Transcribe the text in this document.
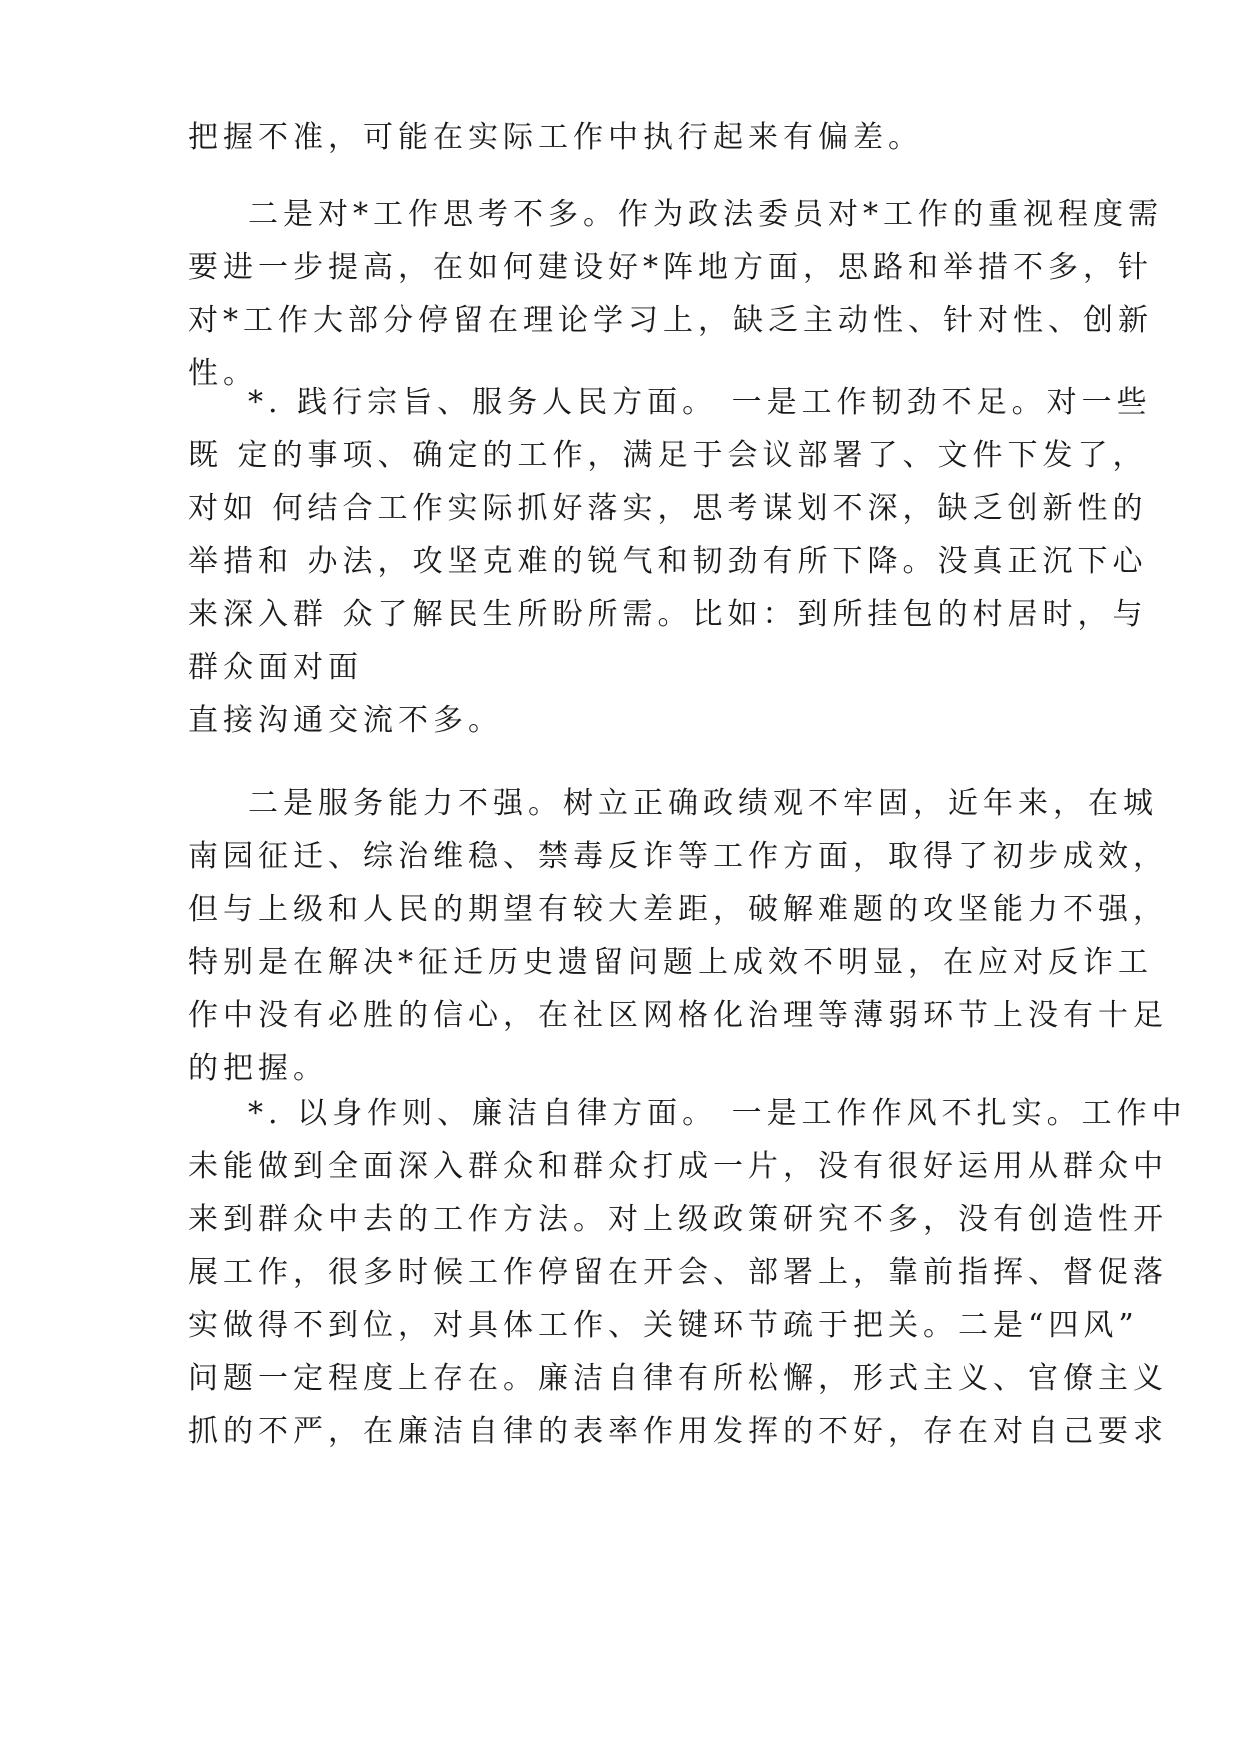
把握不准，可能在实际工作中执行起来有偏差。
二是对*工作思考不多。作为政法委员对*工作的重视程度需
要进一步提高，在如何建设好*阵地方面，思路和举措不多，针
对*工作大部分停留在理论学习上，缺乏主动性、针对性、创新
性。
*. 践行宗旨、服务人民方面。 一是工作韧劲不足。对一些
既 定的事项、确定的工作，满足于会议部署了、文件下发了，
对如 何结合工作实际抓好落实，思考谋划不深，缺乏创新性的
举措和 办法，攻坚克难的锐气和韧劲有所下降。没真正沉下心
来深入群 众了解民生所盼所需。比如：到所挂包的村居时，与
群众面对面
直接沟通交流不多。
二是服务能力不强。树立正确政绩观不牢固，近年来，在城
南园征迁、综治维稳、禁毒反诈等工作方面，取得了初步成效，
但与上级和人民的期望有较大差距，破解难题的攻坚能力不强，
特别是在解决*征迁历史遗留问题上成效不明显，在应对反诈工
作中没有必胜的信心，在社区网格化治理等薄弱环节上没有十足
的把握。
*. 以身作则、廉洁自律方面。 一是工作作风不扎实。工作中
未能做到全面深入群众和群众打成一片，没有很好运用从群众中
来到群众中去的工作方法。对上级政策研究不多，没有创造性开
展工作，很多时候工作停留在开会、部署上，靠前指挥、督促落
实做得不到位，对具体工作、关键环节疏于把关。二是“四风”
问题一定程度上存在。廉洁自律有所松懈，形式主义、官僚主义
抓的不严，在廉洁自律的表率作用发挥的不好，存在对自己要求
